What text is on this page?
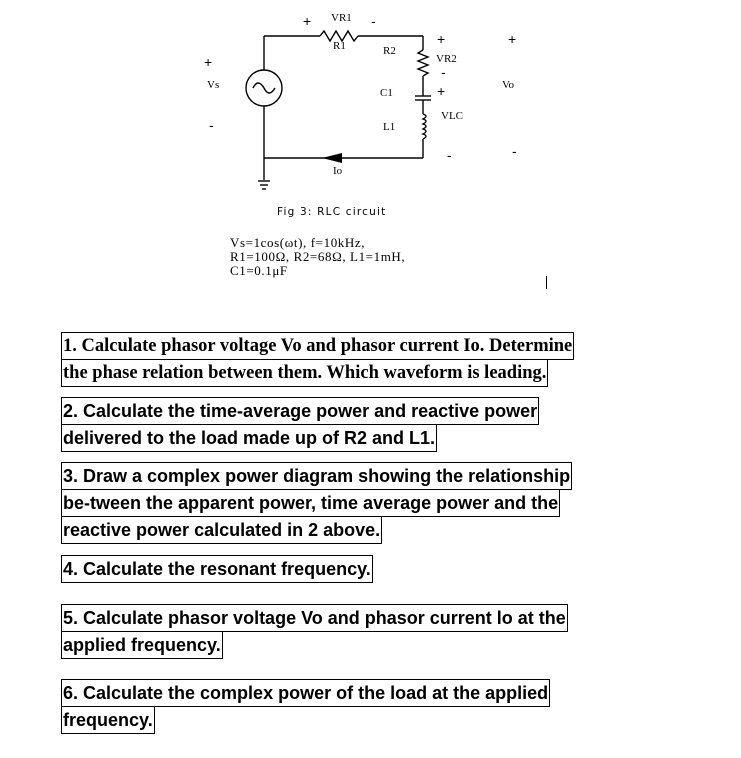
VR1
R1	R2
VR2
Vs
C1
L1
VLC
Vo
Io
+	-
+
-
+
-
+
-
+
-
Fig 3: RLC circuit
Vs=1cos(ωt), f=10kHz,
R1=100Ω, R2=68Ω, L1=1mH,
C1=0.1μF
1. Calculate phasor voltage Vo and phasor current Io. Determine
the phase relation between them. Which waveform is leading.
2. Calculate the time-average power and reactive power
delivered to the load made up of R2 and L1.
3. Draw a complex power diagram showing the relationship
be-tween the apparent power, time average power and the
reactive power calculated in 2 above.
4. Calculate the resonant frequency.
5. Calculate phasor voltage Vo and phasor current lo at the
applied frequency.
6. Calculate the complex power of the load at the applied
frequency.
